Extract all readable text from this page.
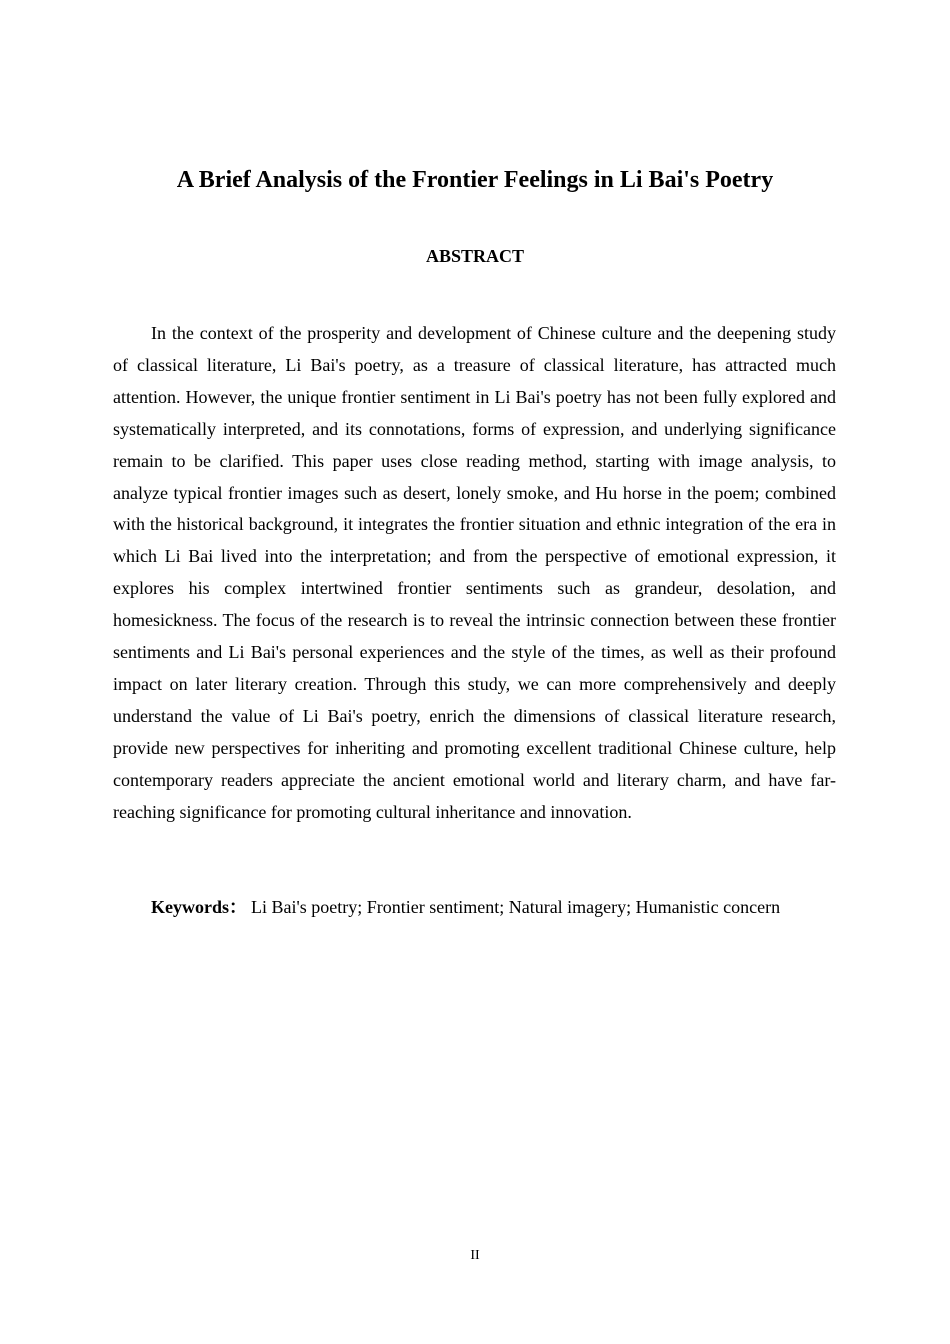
A Brief Analysis of the Frontier Feelings in Li Bai's Poetry
ABSTRACT

In the context of the prosperity and development of Chinese culture and the deepening study of classical literature, Li Bai's poetry, as a treasure of classical literature, has attracted much attention. However, the unique frontier sentiment in Li Bai's poetry has not been fully explored and systematically interpreted, and its connotations, forms of expression, and underlying significance remain to be clarified. This paper uses close reading method, starting with image analysis, to analyze typical frontier images such as desert, lonely smoke, and Hu horse in the poem; combined with the historical background, it integrates the frontier situation and ethnic integration of the era in which Li Bai lived into the interpretation; and from the perspective of emotional expression, it explores his complex intertwined frontier sentiments such as grandeur, desolation, and homesickness. The focus of the research is to reveal the intrinsic connection between these frontier sentiments and Li Bai's personal experiences and the style of the times, as well as their profound impact on later literary creation. Through this study, we can more comprehensively and deeply understand the value of Li Bai's poetry, enrich the dimensions of classical literature research, provide new perspectives for inheriting and promoting excellent traditional Chinese culture, help contemporary readers appreciate the ancient emotional world and literary charm, and have far-reaching significance for promoting cultural inheritance and innovation.

Keywords： Li Bai's poetry; Frontier sentiment; Natural imagery; Humanistic concern

II
